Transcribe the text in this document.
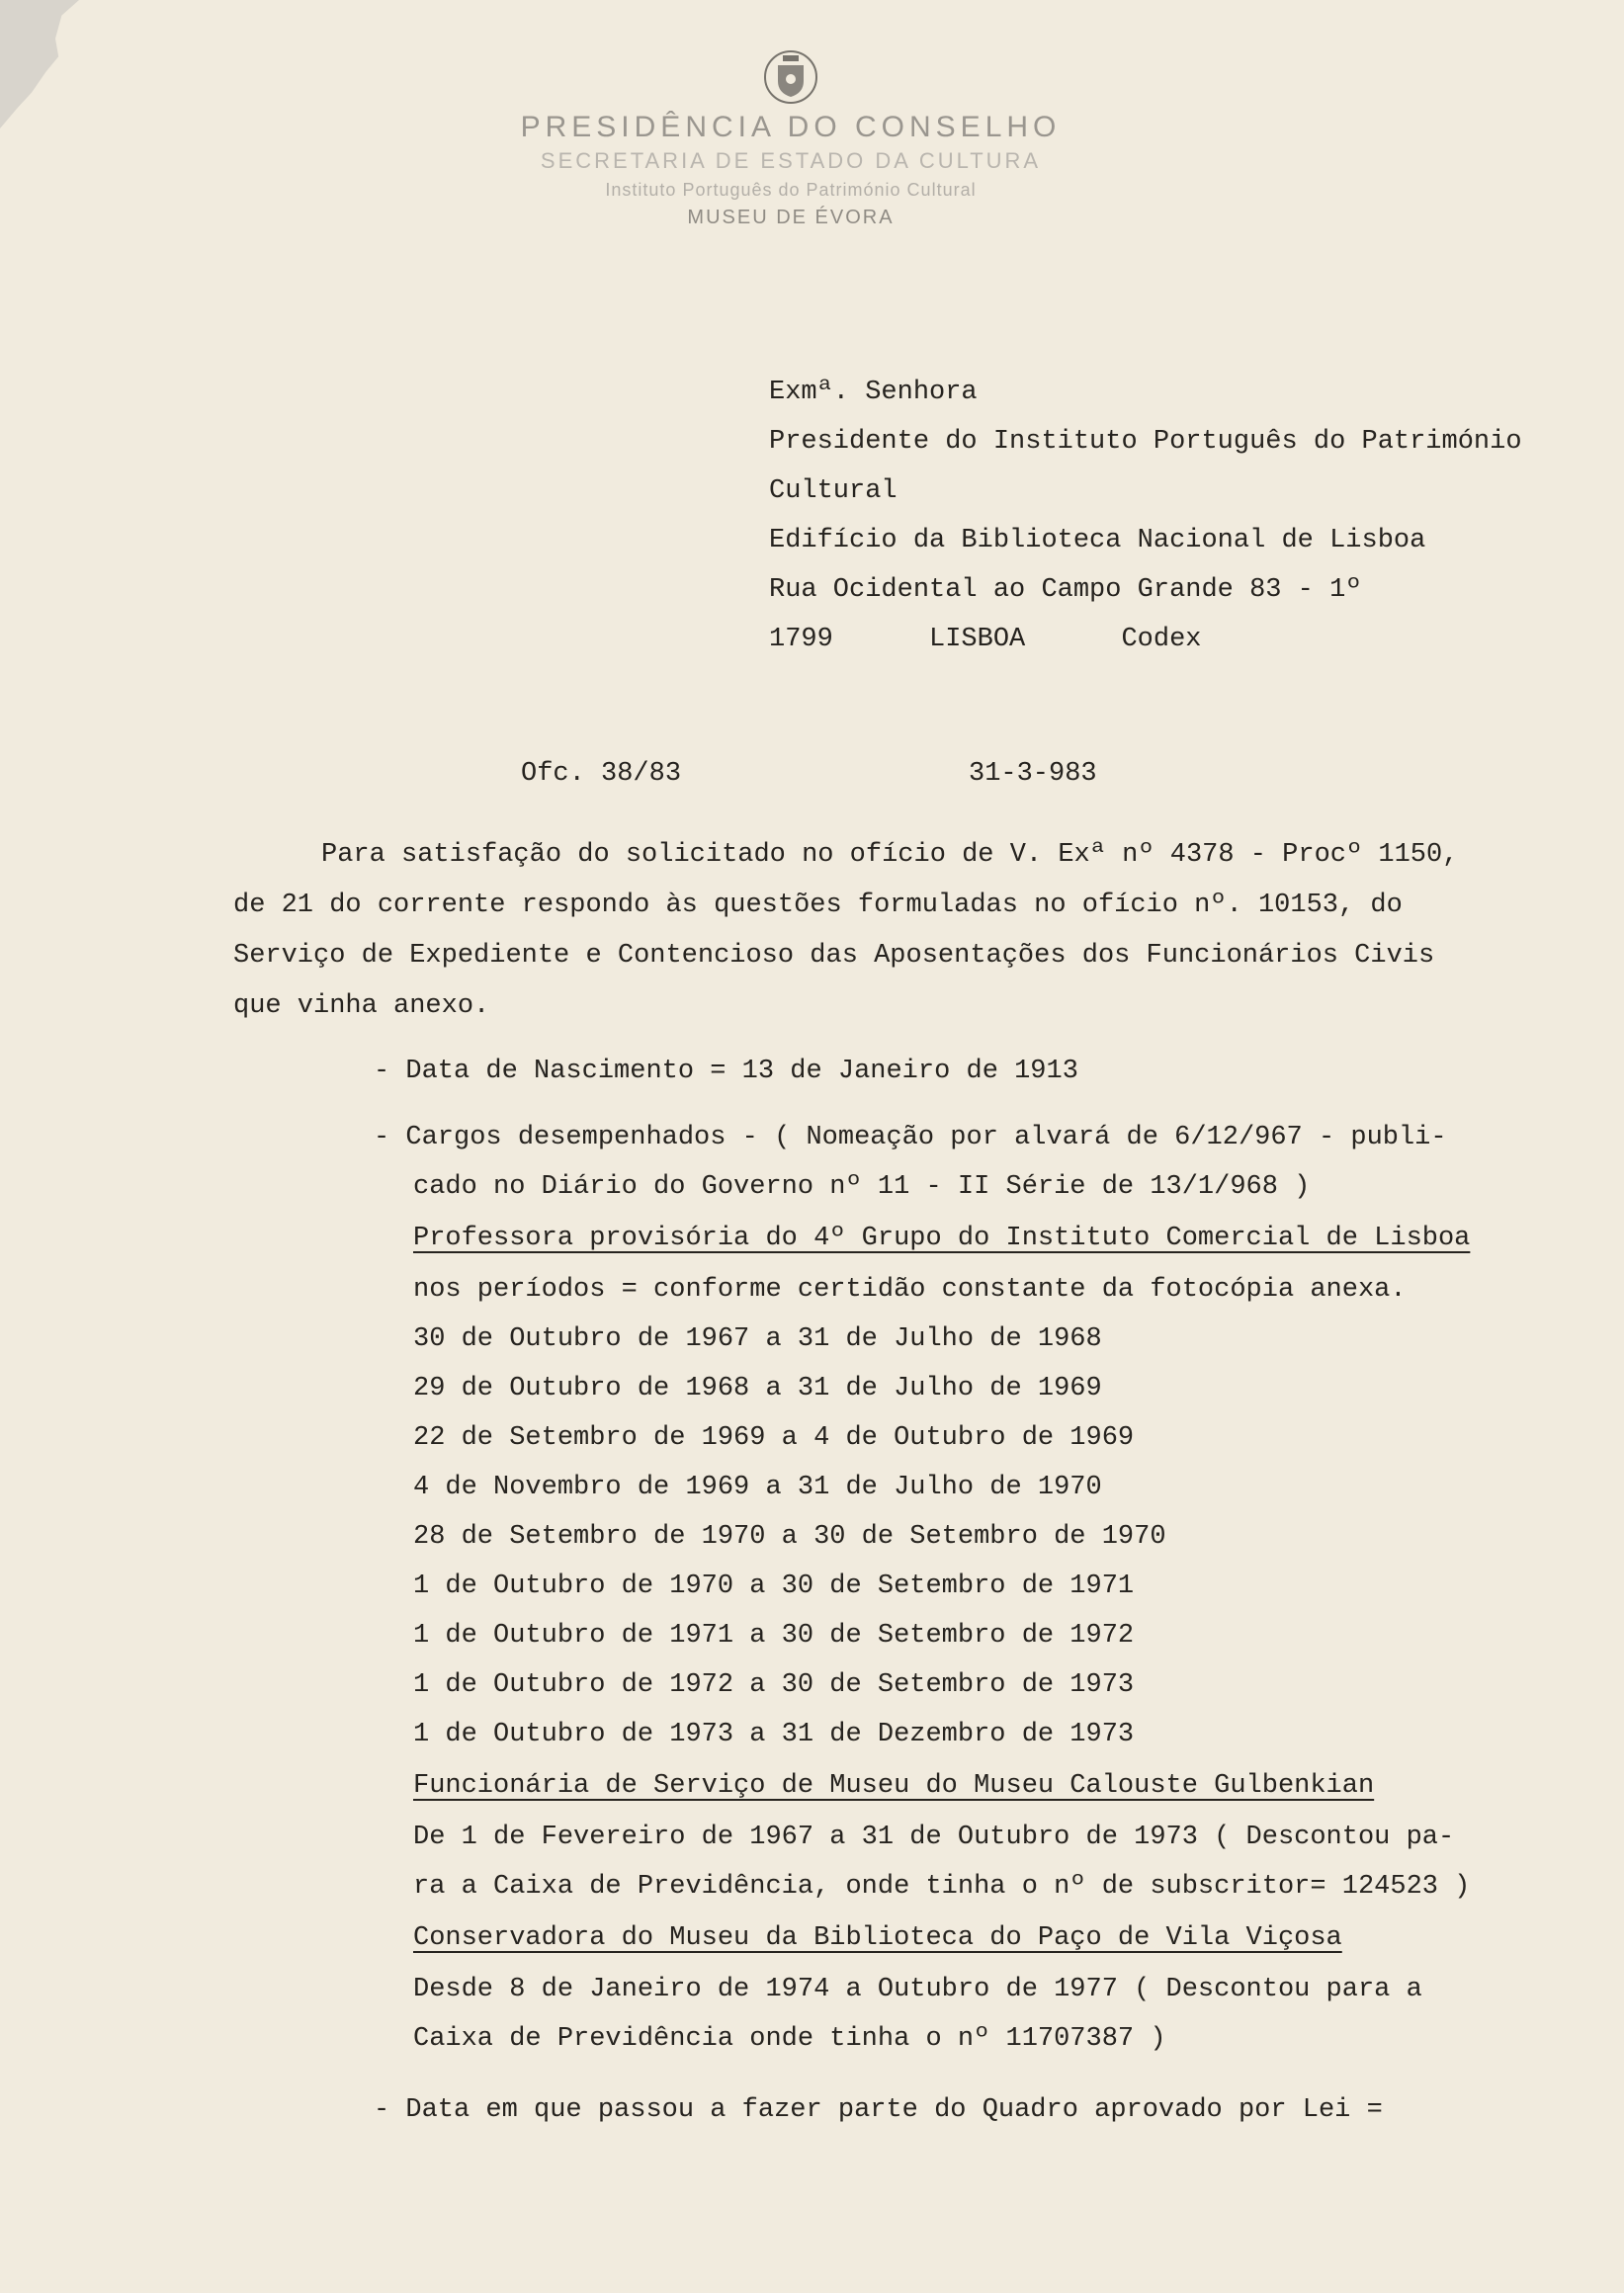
PRESIDÊNCIA DO CONSELHO
SECRETARIA DE ESTADO DA CULTURA
Instituto Português do Património Cultural
MUSEU DE ÉVORA
Exmª. Senhora
Presidente do Instituto Português do Património
Cultural
Edifício da Biblioteca Nacional de Lisboa
Rua Ocidental ao Campo Grande 83 - 1º
1799      LISBOA      Codex
Ofc. 38/83	31-3-983
Para satisfação do solicitado no ofício de V. Exª nº 4378 - Procº 1150,
de 21 do corrente respondo às questões formuladas no ofício nº. 10153, do
Serviço de Expediente e Contencioso das Aposentações dos Funcionários Civis
que vinha anexo.
- Data de Nascimento = 13 de Janeiro de 1913
- Cargos desempenhados - ( Nomeação por alvará de 6/12/967 - publi-
cado no Diário do Governo nº 11 - II Série de 13/1/968 )
Professora provisória do 4º Grupo do Instituto Comercial de Lisboa
nos períodos = conforme certidão constante da fotocópia anexa.
30 de Outubro de 1967 a 31 de Julho de 1968
29 de Outubro de 1968 a 31 de Julho de 1969
22 de Setembro de 1969 a 4 de Outubro de 1969
4 de Novembro de 1969 a 31 de Julho de 1970
28 de Setembro de 1970 a 30 de Setembro de 1970
1 de Outubro de 1970 a 30 de Setembro de 1971
1 de Outubro de 1971 a 30 de Setembro de 1972
1 de Outubro de 1972 a 30 de Setembro de 1973
1 de Outubro de 1973 a 31 de Dezembro de 1973
Funcionária de Serviço de Museu do Museu Calouste Gulbenkian
De 1 de Fevereiro de 1967 a 31 de Outubro de 1973 ( Descontou pa-
ra a Caixa de Previdência, onde tinha o nº de subscritor= 124523 )
Conservadora do Museu da Biblioteca do Paço de Vila Viçosa
Desde 8 de Janeiro de 1974 a Outubro de 1977 ( Descontou para a
Caixa de Previdência onde tinha o nº 11707387 )
- Data em que passou a fazer parte do Quadro aprovado por Lei =
